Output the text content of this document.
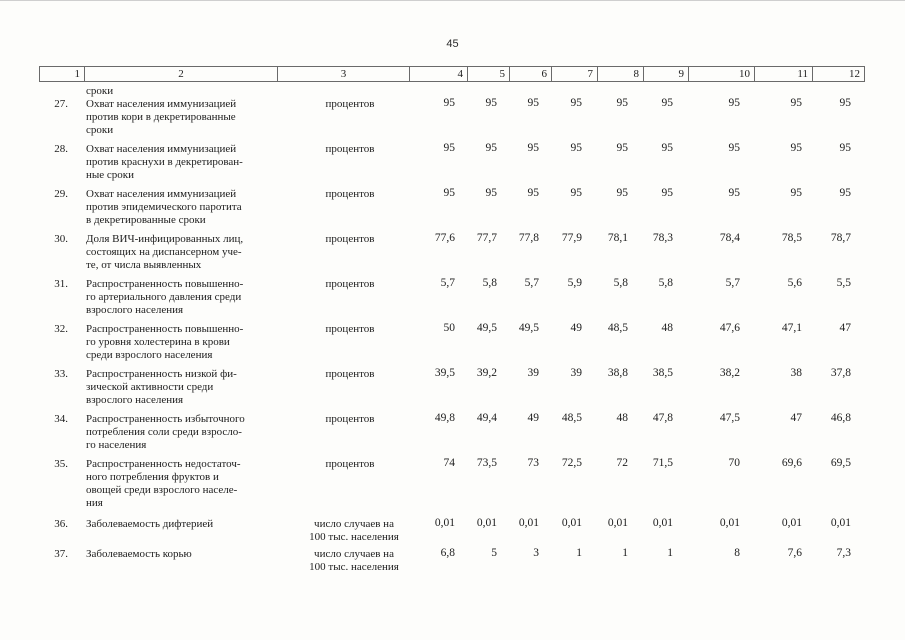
45
1	2	3	4	5	6	7	8	9	10	11	12
сроки
27. Охват населения иммунизацией
против кори в декретированные
сроки
процентов	95	95	95	95	95	95	95	95	95
28. Охват населения иммунизацией
против краснухи в декретирован-
ные сроки
процентов	95	95	95	95	95	95	95	95	95
29. Охват населения иммунизацией
против эпидемического паротита
в декретированные сроки
процентов	95	95	95	95	95	95	95	95	95
30. Доля ВИЧ-инфицированных лиц,
состоящих на диспансерном уче-
те, от числа выявленных
процентов	77,6	77,7	77,8	77,9	78,1	78,3	78,4	78,5	78,7
31. Распространенность повышенно-
го артериального давления среди
взрослого населения
процентов	5,7	5,8	5,7	5,9	5,8	5,8	5,7	5,6	5,5
32. Распространенность повышенно-
го уровня холестерина в крови
среди взрослого населения
процентов	50	49,5	49,5	49	48,5	48	47,6	47,1	47
33. Распространенность низкой фи-
зической активности среди
взрослого населения
процентов	39,5	39,2	39	39	38,8	38,5	38,2	38	37,8
34. Распространенность избыточного
потребления соли среди взросло-
го населения
процентов	49,8	49,4	49	48,5	48	47,8	47,5	47	46,8
35. Распространенность недостаточ-
ного потребления фруктов и
овощей среди взрослого населе-
ния
процентов	74	73,5	73	72,5	72	71,5	70	69,6	69,5
36. Заболеваемость дифтерией	число случаев на
100 тыс. населения
0,01	0,01	0,01	0,01	0,01	0,01	0,01	0,01	0,01
37. Заболеваемость корью	число случаев на
100 тыс. населения
6,8	5	3	1	1	1	8	7,6	7,3
